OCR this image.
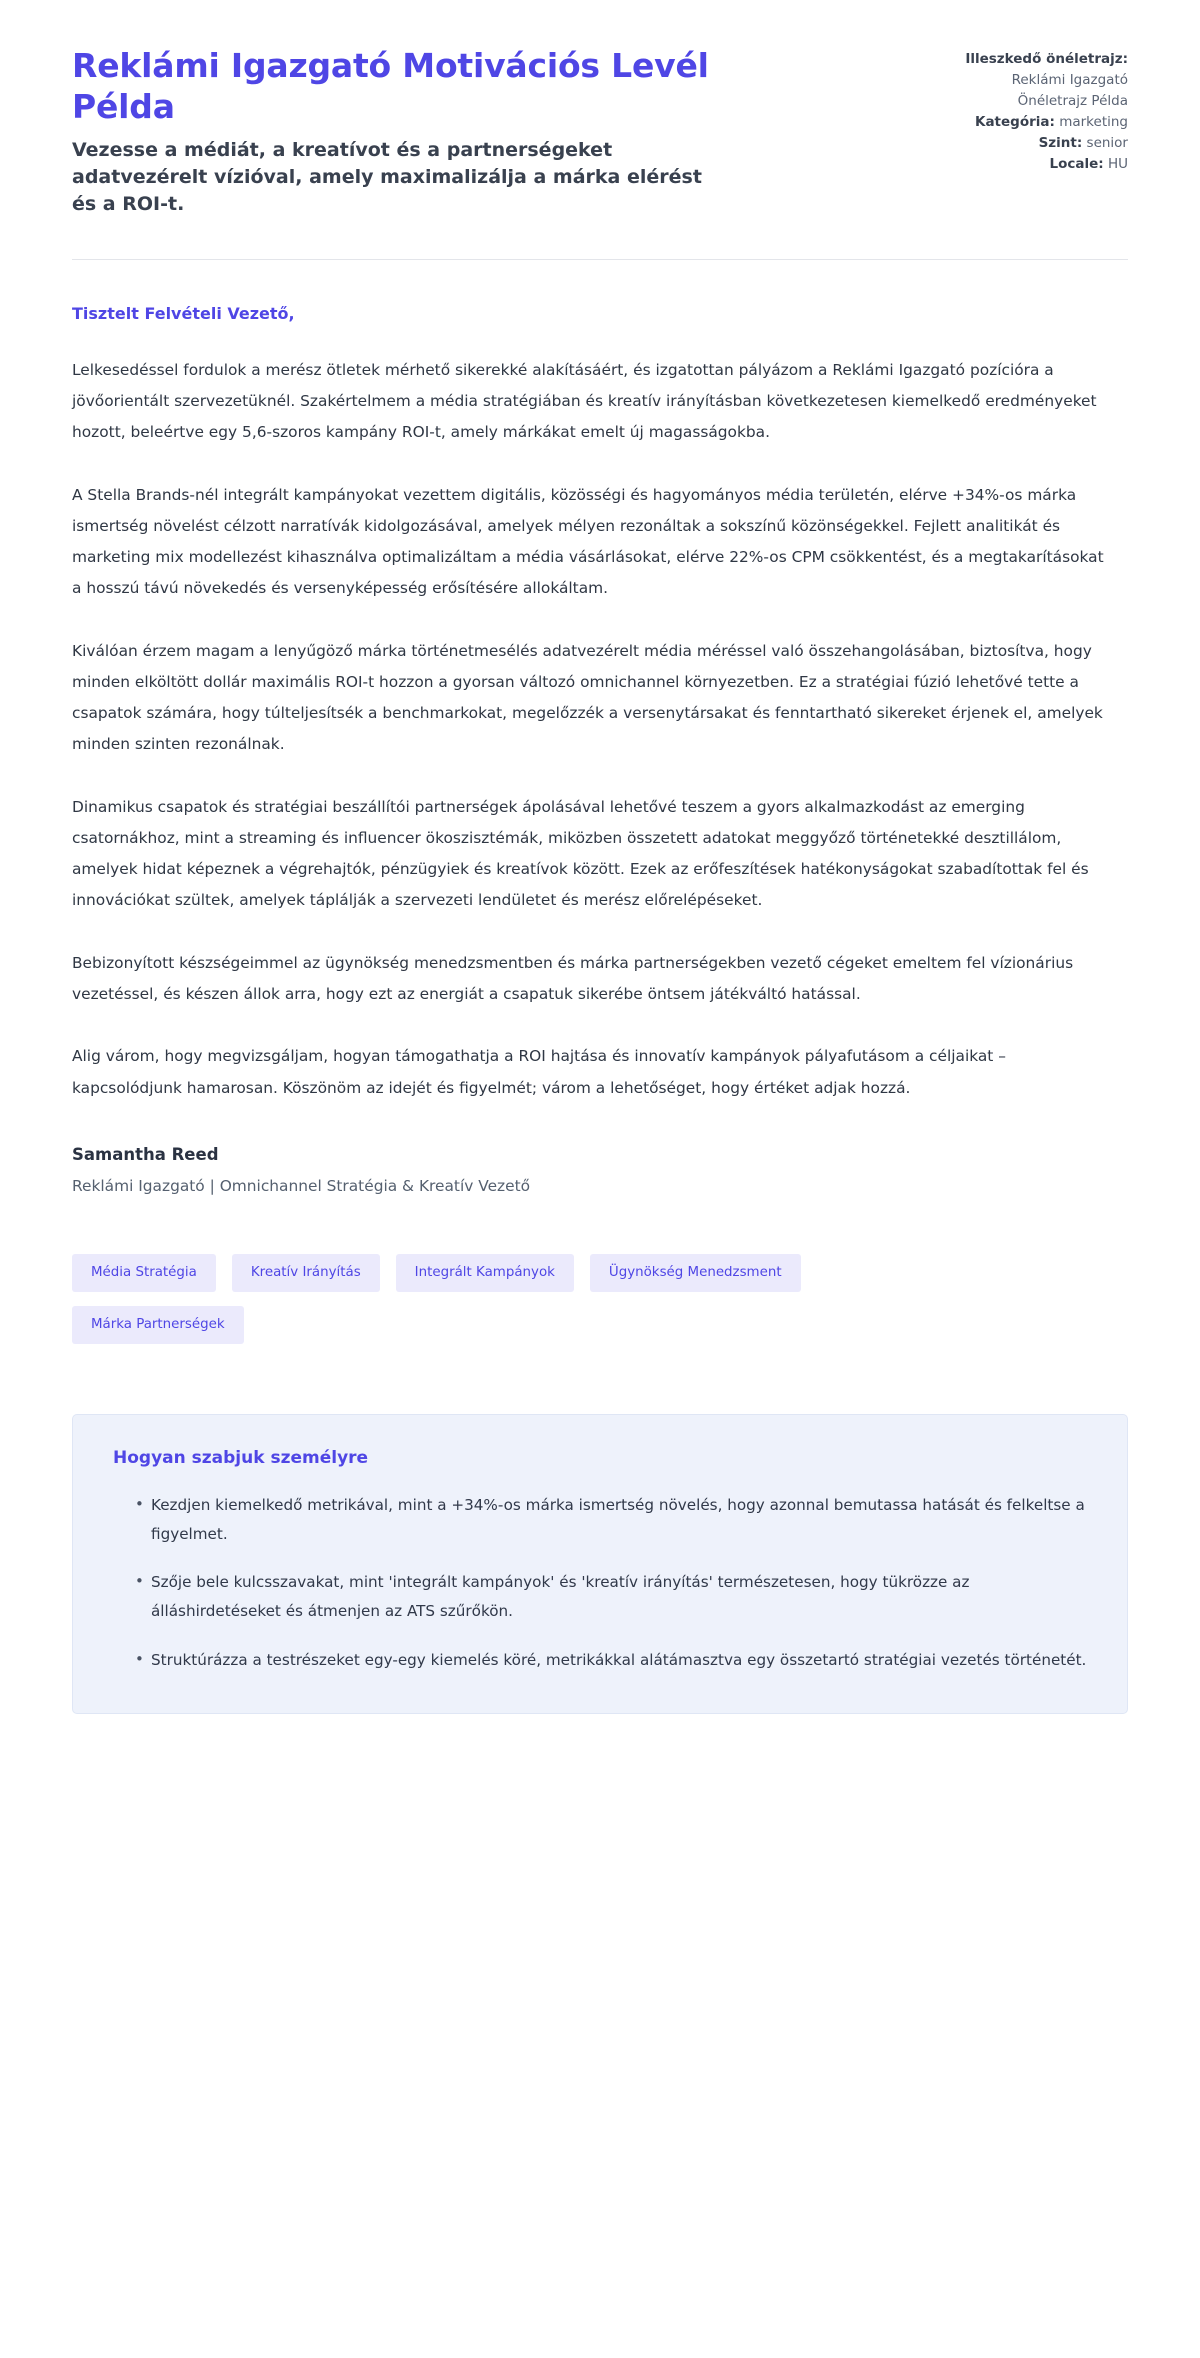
Reklámi Igazgató Motivációs Levél Példa

Vezesse a médiát, a kreatívot és a partnerségeket adatvezérelt vízióval, amely maximalizálja a márka elérést és a ROI-t.

Illeszkedő önéletrajz:
Reklámi Igazgató
Önéletrajz Példa
Kategória: marketing
Szint: senior
Locale: HU

Tisztelt Felvételi Vezető,

Lelkesedéssel fordulok a merész ötletek mérhető sikerekké alakításáért, és izgatottan pályázom a Reklámi Igazgató pozícióra a jövőorientált szervezetüknél. Szakértelmem a média stratégiában és kreatív irányításban következetesen kiemelkedő eredményeket hozott, beleértve egy 5,6-szoros kampány ROI-t, amely márkákat emelt új magasságokba.

A Stella Brands-nél integrált kampányokat vezettem digitális, közösségi és hagyományos média területén, elérve +34%-os márka ismertség növelést célzott narratívák kidolgozásával, amelyek mélyen rezonáltak a sokszínű közönségekkel. Fejlett analitikát és marketing mix modellezést kihasználva optimalizáltam a média vásárlásokat, elérve 22%-os CPM csökkentést, és a megtakarításokat a hosszú távú növekedés és versenyképesség erősítésére allokáltam.

Kiválóan érzem magam a lenyűgöző márka történetmesélés adatvezérelt média méréssel való összehangolásában, biztosítva, hogy minden elköltött dollár maximális ROI-t hozzon a gyorsan változó omnichannel környezetben. Ez a stratégiai fúzió lehetővé tette a csapatok számára, hogy túlteljesítsék a benchmarkokat, megelőzzék a versenytársakat és fenntartható sikereket érjenek el, amelyek minden szinten rezonálnak.

Dinamikus csapatok és stratégiai beszállítói partnerségek ápolásával lehetővé teszem a gyors alkalmazkodást az emerging csatornákhoz, mint a streaming és influencer ökoszisztémák, miközben összetett adatokat meggyőző történetekké desztillálom, amelyek hidat képeznek a végrehajtók, pénzügyiek és kreatívok között. Ezek az erőfeszítések hatékonyságokat szabadítottak fel és innovációkat szültek, amelyek táplálják a szervezeti lendületet és merész előrelépéseket.

Bebizonyított készségeimmel az ügynökség menedzsmentben és márka partnerségekben vezető cégeket emeltem fel vízionárius vezetéssel, és készen állok arra, hogy ezt az energiát a csapatuk sikerébe öntsem játékváltó hatással.

Alig várom, hogy megvizsgáljam, hogyan támogathatja a ROI hajtása és innovatív kampányok pályafutásom a céljaikat – kapcsolódjunk hamarosan. Köszönöm az idejét és figyelmét; várom a lehetőséget, hogy értéket adjak hozzá.

Samantha Reed

Reklámi Igazgató | Omnichannel Stratégia & Kreatív Vezető

Média Stratégia	Kreatív Irányítás	Integrált Kampányok	Ügynökség Menedzsment
Márka Partnerségek
Hogyan szabjuk személyre
• Kezdjen kiemelkedő metrikával, mint a +34%-os márka ismertség növelés, hogy azonnal bemutassa hatását és felkeltse a figyelmet.
• Szője bele kulcsszavakat, mint 'integrált kampányok' és 'kreatív irányítás' természetesen, hogy tükrözze az álláshirdetéseket és átmenjen az ATS szűrőkön.
• Struktúrázza a testrészeket egy-egy kiemelés köré, metrikákkal alátámasztva egy összetartó stratégiai vezetés történetét.
